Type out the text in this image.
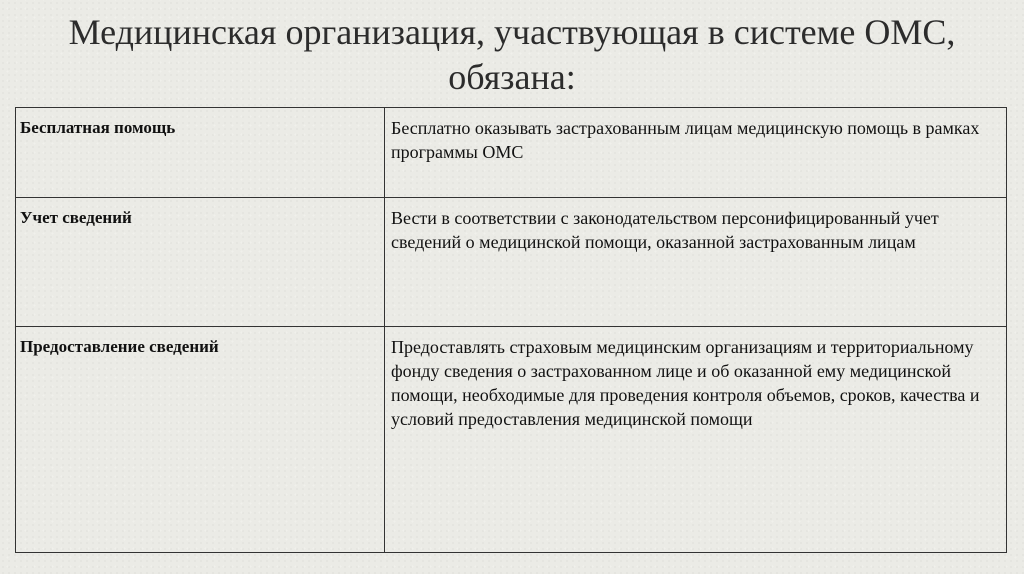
Медицинская организация, участвующая в системе ОМС,
обязана:
Бесплатная помощь	Бесплатно оказывать застрахованным лицам медицинскую помощь в рамках программы ОМС
Учет сведений	Вести в соответствии с законодательством персонифицированный учет сведений о медицинской помощи, оказанной застрахованным лицам
Предоставление сведений	Предоставлять страховым медицинским организациям и территориальному фонду сведения о застрахованном лице и об оказанной ему медицинской помощи, необходимые для проведения контроля объемов, сроков, качества и условий предоставления медицинской помощи
